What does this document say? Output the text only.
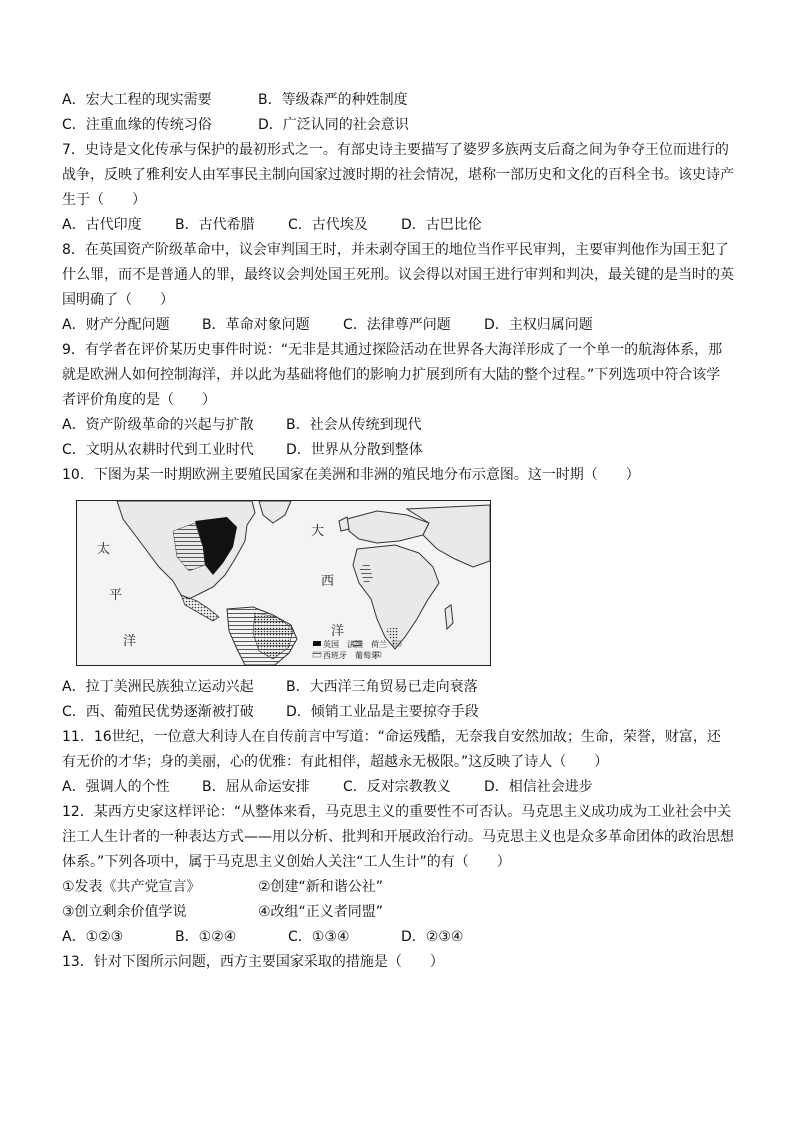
A．宏大工程的现实需要	B．等级森严的种姓制度
C．注重血缘的传统习俗	D．广泛认同的社会意识
7．史诗是文化传承与保护的最初形式之一。有部史诗主要描写了婆罗多族两支后裔之间为争夺王位而进行的
战争，反映了雅利安人由军事民主制向国家过渡时期的社会情况，堪称一部历史和文化的百科全书。该史诗产
生于（　　）
A．古代印度 B．古代希腊 C．古代埃及 D．古巴比伦
8．在英国资产阶级革命中，议会审判国王时，并未剥夺国王的地位当作平民审判，主要审判他作为国王犯了
什么罪，而不是普通人的罪，最终议会判处国王死刑。议会得以对国王进行审判和判决，最关键的是当时的英
国明确了（　　）
A．财产分配问题 B．革命对象问题 C．法律尊严问题 D．主权归属问题
9．有学者在评价某历史事件时说：“无非是其通过探险活动在世界各大海洋形成了一个单一的航海体系，那
就是欧洲人如何控制海洋，并以此为基础将他们的影响力扩展到所有大陆的整个过程。”下列选项中符合该学
者评价角度的是（　　）
A．资产阶级革命的兴起与扩散 B．社会从传统到现代
C．文明从农耕时代到工业时代 D．世界从分散到整体
10．下图为某一时期欧洲主要殖民国家在美洲和非洲的殖民地分布示意图。这一时期（　　）
太
平
洋
大
西
洋
英国　法国　荷兰
西班牙　葡萄牙
A．拉丁美洲民族独立运动兴起 B．大西洋三角贸易已走向衰落
C．西、葡殖民优势逐渐被打破 D．倾销工业品是主要掠夺手段
11．16世纪，一位意大利诗人在自传前言中写道：“命运残酷，无奈我自安然加故；生命，荣誉，财富，还
有无价的才华；身的美丽，心的优雅：有此相伴，超越永无极限。”这反映了诗人（　　）
A．强调人的个性 B．屈从命运安排 C．反对宗教教义 D．相信社会进步
12．某西方史家这样评论：“从整体来看，马克思主义的重要性不可否认。马克思主义成功成为工业社会中关
注工人生计者的一种表达方式——用以分析、批判和开展政治行动。马克思主义也是众多革命团体的政治思想
体系。”下列各项中，属于马克思主义创始人关注“工人生计”的有（　　）
①发表《共产党宣言》	②创建“新和谐公社”
③创立剩余价值学说	④改组“正义者同盟”
A．①②③	B．①②④	C．①③④	D．②③④
13．针对下图所示问题，西方主要国家采取的措施是（　　）
